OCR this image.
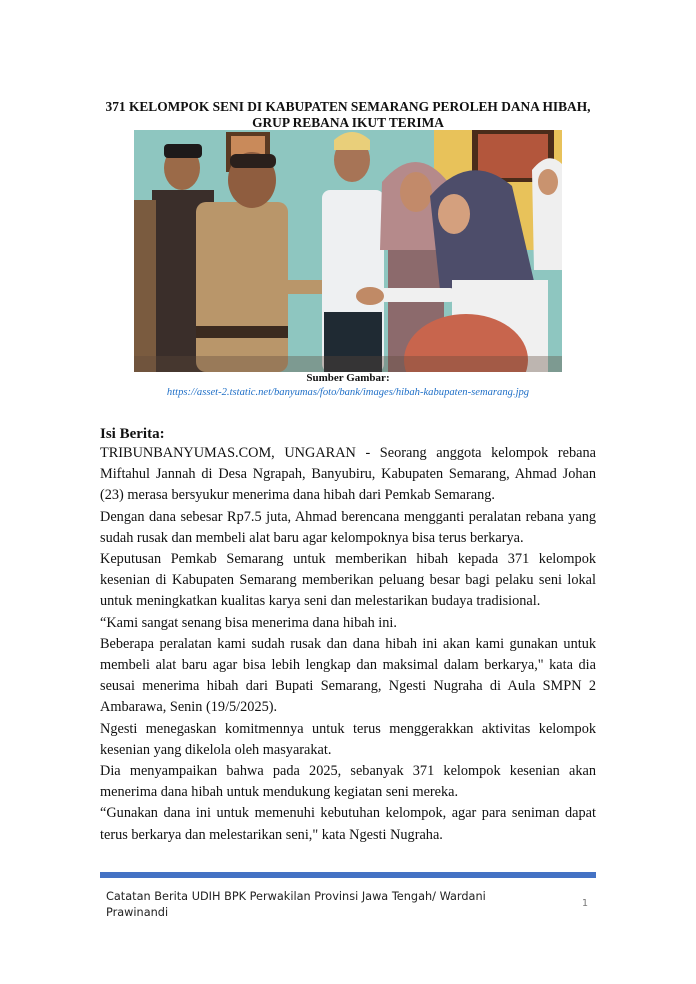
371 KELOMPOK SENI DI KABUPATEN SEMARANG PEROLEH DANA HIBAH, GRUP REBANA IKUT TERIMA
Sumber Gambar:
https://asset-2.tstatic.net/banyumas/foto/bank/images/hibah-kabupaten-semarang.jpg
Isi Berita:

TRIBUNBANYUMAS.COM, UNGARAN - Seorang anggota kelompok rebana Miftahul Jannah di Desa Ngrapah, Banyubiru, Kabupaten Semarang, Ahmad Johan (23) merasa bersyukur menerima dana hibah dari Pemkab Semarang.

Dengan dana sebesar Rp7.5 juta, Ahmad berencana mengganti peralatan rebana yang sudah rusak dan membeli alat baru agar kelompoknya bisa terus berkarya.

Keputusan Pemkab Semarang untuk memberikan hibah kepada 371 kelompok kesenian di Kabupaten Semarang memberikan peluang besar bagi pelaku seni lokal untuk meningkatkan kualitas karya seni dan melestarikan budaya tradisional.

“Kami sangat senang bisa menerima dana hibah ini.

Beberapa peralatan kami sudah rusak dan dana hibah ini akan kami gunakan untuk membeli alat baru agar bisa lebih lengkap dan maksimal dalam berkarya," kata dia seusai menerima hibah dari Bupati Semarang, Ngesti Nugraha di Aula SMPN 2 Ambarawa, Senin (19/5/2025).

Ngesti menegaskan komitmennya untuk terus menggerakkan aktivitas kelompok kesenian yang dikelola oleh masyarakat.

Dia menyampaikan bahwa pada 2025, sebanyak 371 kelompok kesenian akan menerima dana hibah untuk mendukung kegiatan seni mereka.

“Gunakan dana ini untuk memenuhi kebutuhan kelompok, agar para seniman dapat terus berkarya dan melestarikan seni," kata Ngesti Nugraha.

Catatan Berita UDIH BPK Perwakilan Provinsi Jawa Tengah/ Wardani
Prawinandi
1
